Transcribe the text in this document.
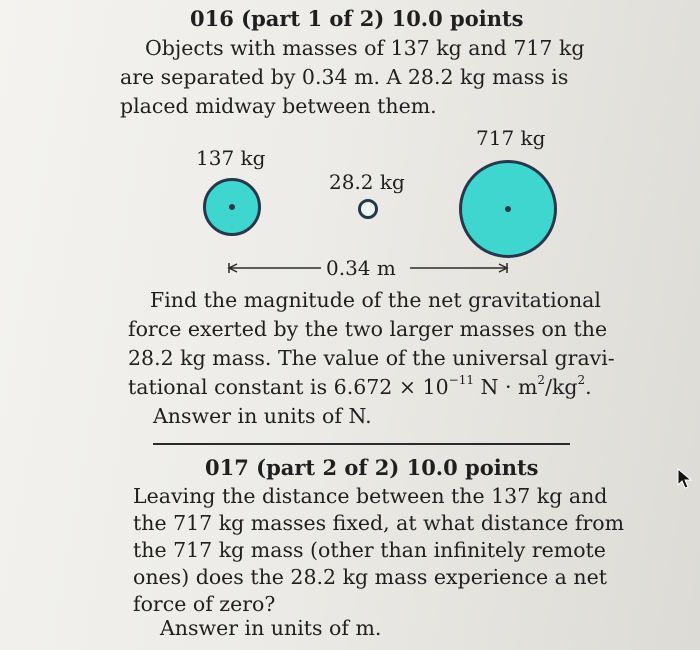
016 (part 1 of 2) 10.0 points
Objects with masses of 137 kg and 717 kg
are separated by 0.34 m. A 28.2 kg mass is
placed midway between them.
137 kg
717 kg
28.2 kg
0.34 m
Find the magnitude of the net gravitational
force exerted by the two larger masses on the
28.2 kg mass. The value of the universal gravi-
tational constant is $6.672 \times 10^{-11}$ $N \cdot m^2/kg^2$.
Answer in units of N.
017 (part 2 of 2) 10.0 points
Leaving the distance between the 137 kg and
the 717 kg masses fixed, at what distance from
the 717 kg mass (other than infinitely remote
ones) does the 28.2 kg mass experience a net
force of zero?
Answer in units of m.
